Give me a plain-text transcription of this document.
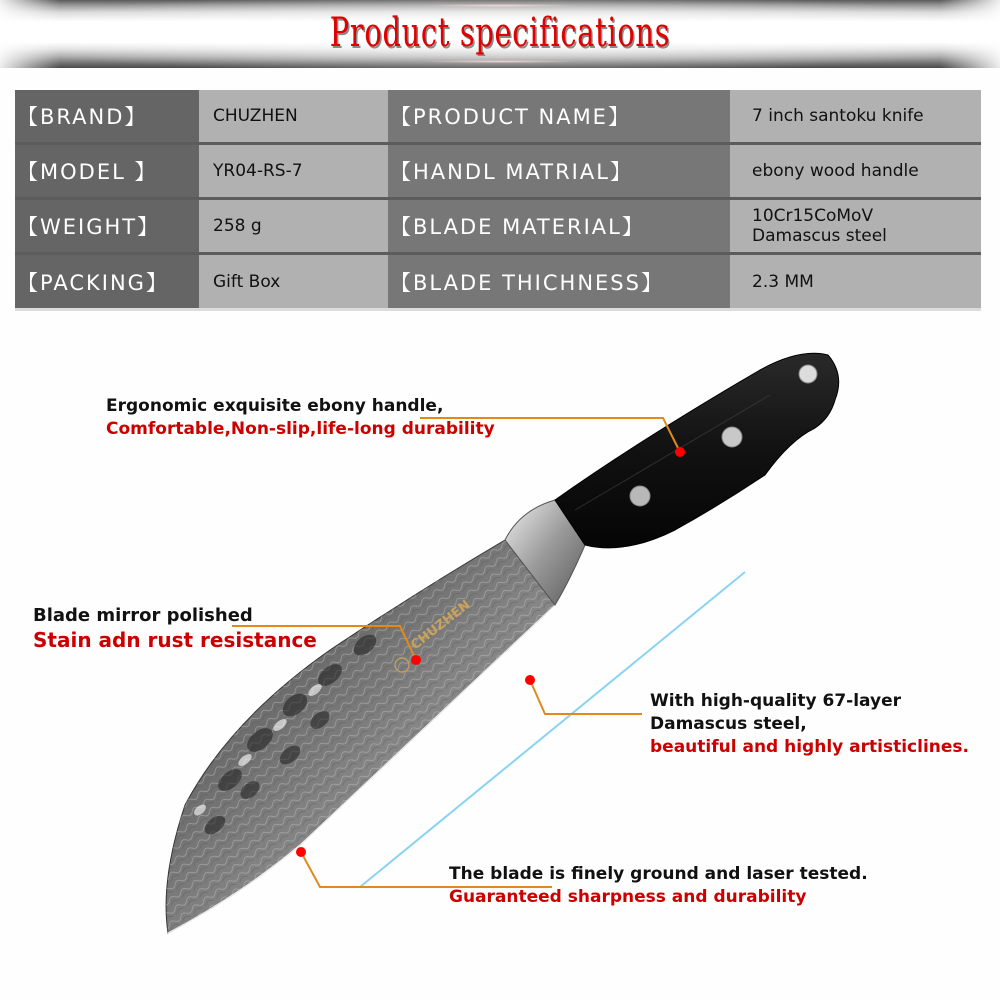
Product specifications
【BRAND】	CHUZHEN	【PRODUCT NAME】	7 inch santoku knife
【MODEL 】	YR04-RS-7	【HANDL MATRIAL】	ebony wood handle
【WEIGHT】	258 g	【BLADE MATERIAL】	10Cr15CoMoV
Damascus steel
【PACKING】	Gift Box	【BLADE THICHNESS】	2.3 MM
CHUZHEN
Ergonomic exquisite ebony handle,
Comfortable,Non-slip,life-long durability
Blade mirror polished
Stain adn rust resistance
With high-quality 67-layer
Damascus steel,
beautiful and highly artisticlines.
The blade is finely ground and laser tested.
Guaranteed sharpness and durability
